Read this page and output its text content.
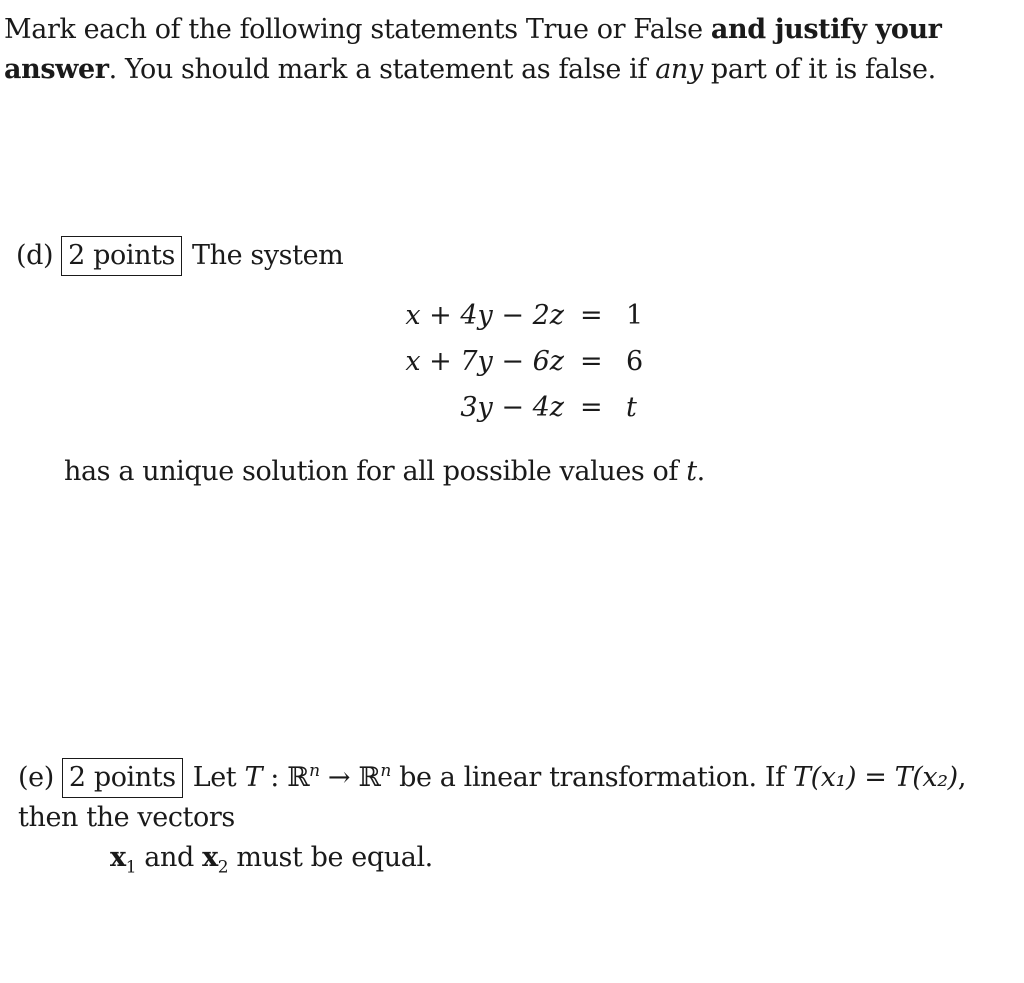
Mark each of the following statements True or False and justify your answer. You should mark a statement as false if any part of it is false.
(d) 2 points The system
x + 4y − 2z = 1
x + 7y − 6z = 6
3y − 4z = t
has a unique solution for all possible values of t.
(e) 2 points Let T : ℝ$^n$ → ℝ$^n$ be a linear transformation. If T(x₁) = T(x₂), then the vectors
$x_1$ and $x_2$ must be equal.
